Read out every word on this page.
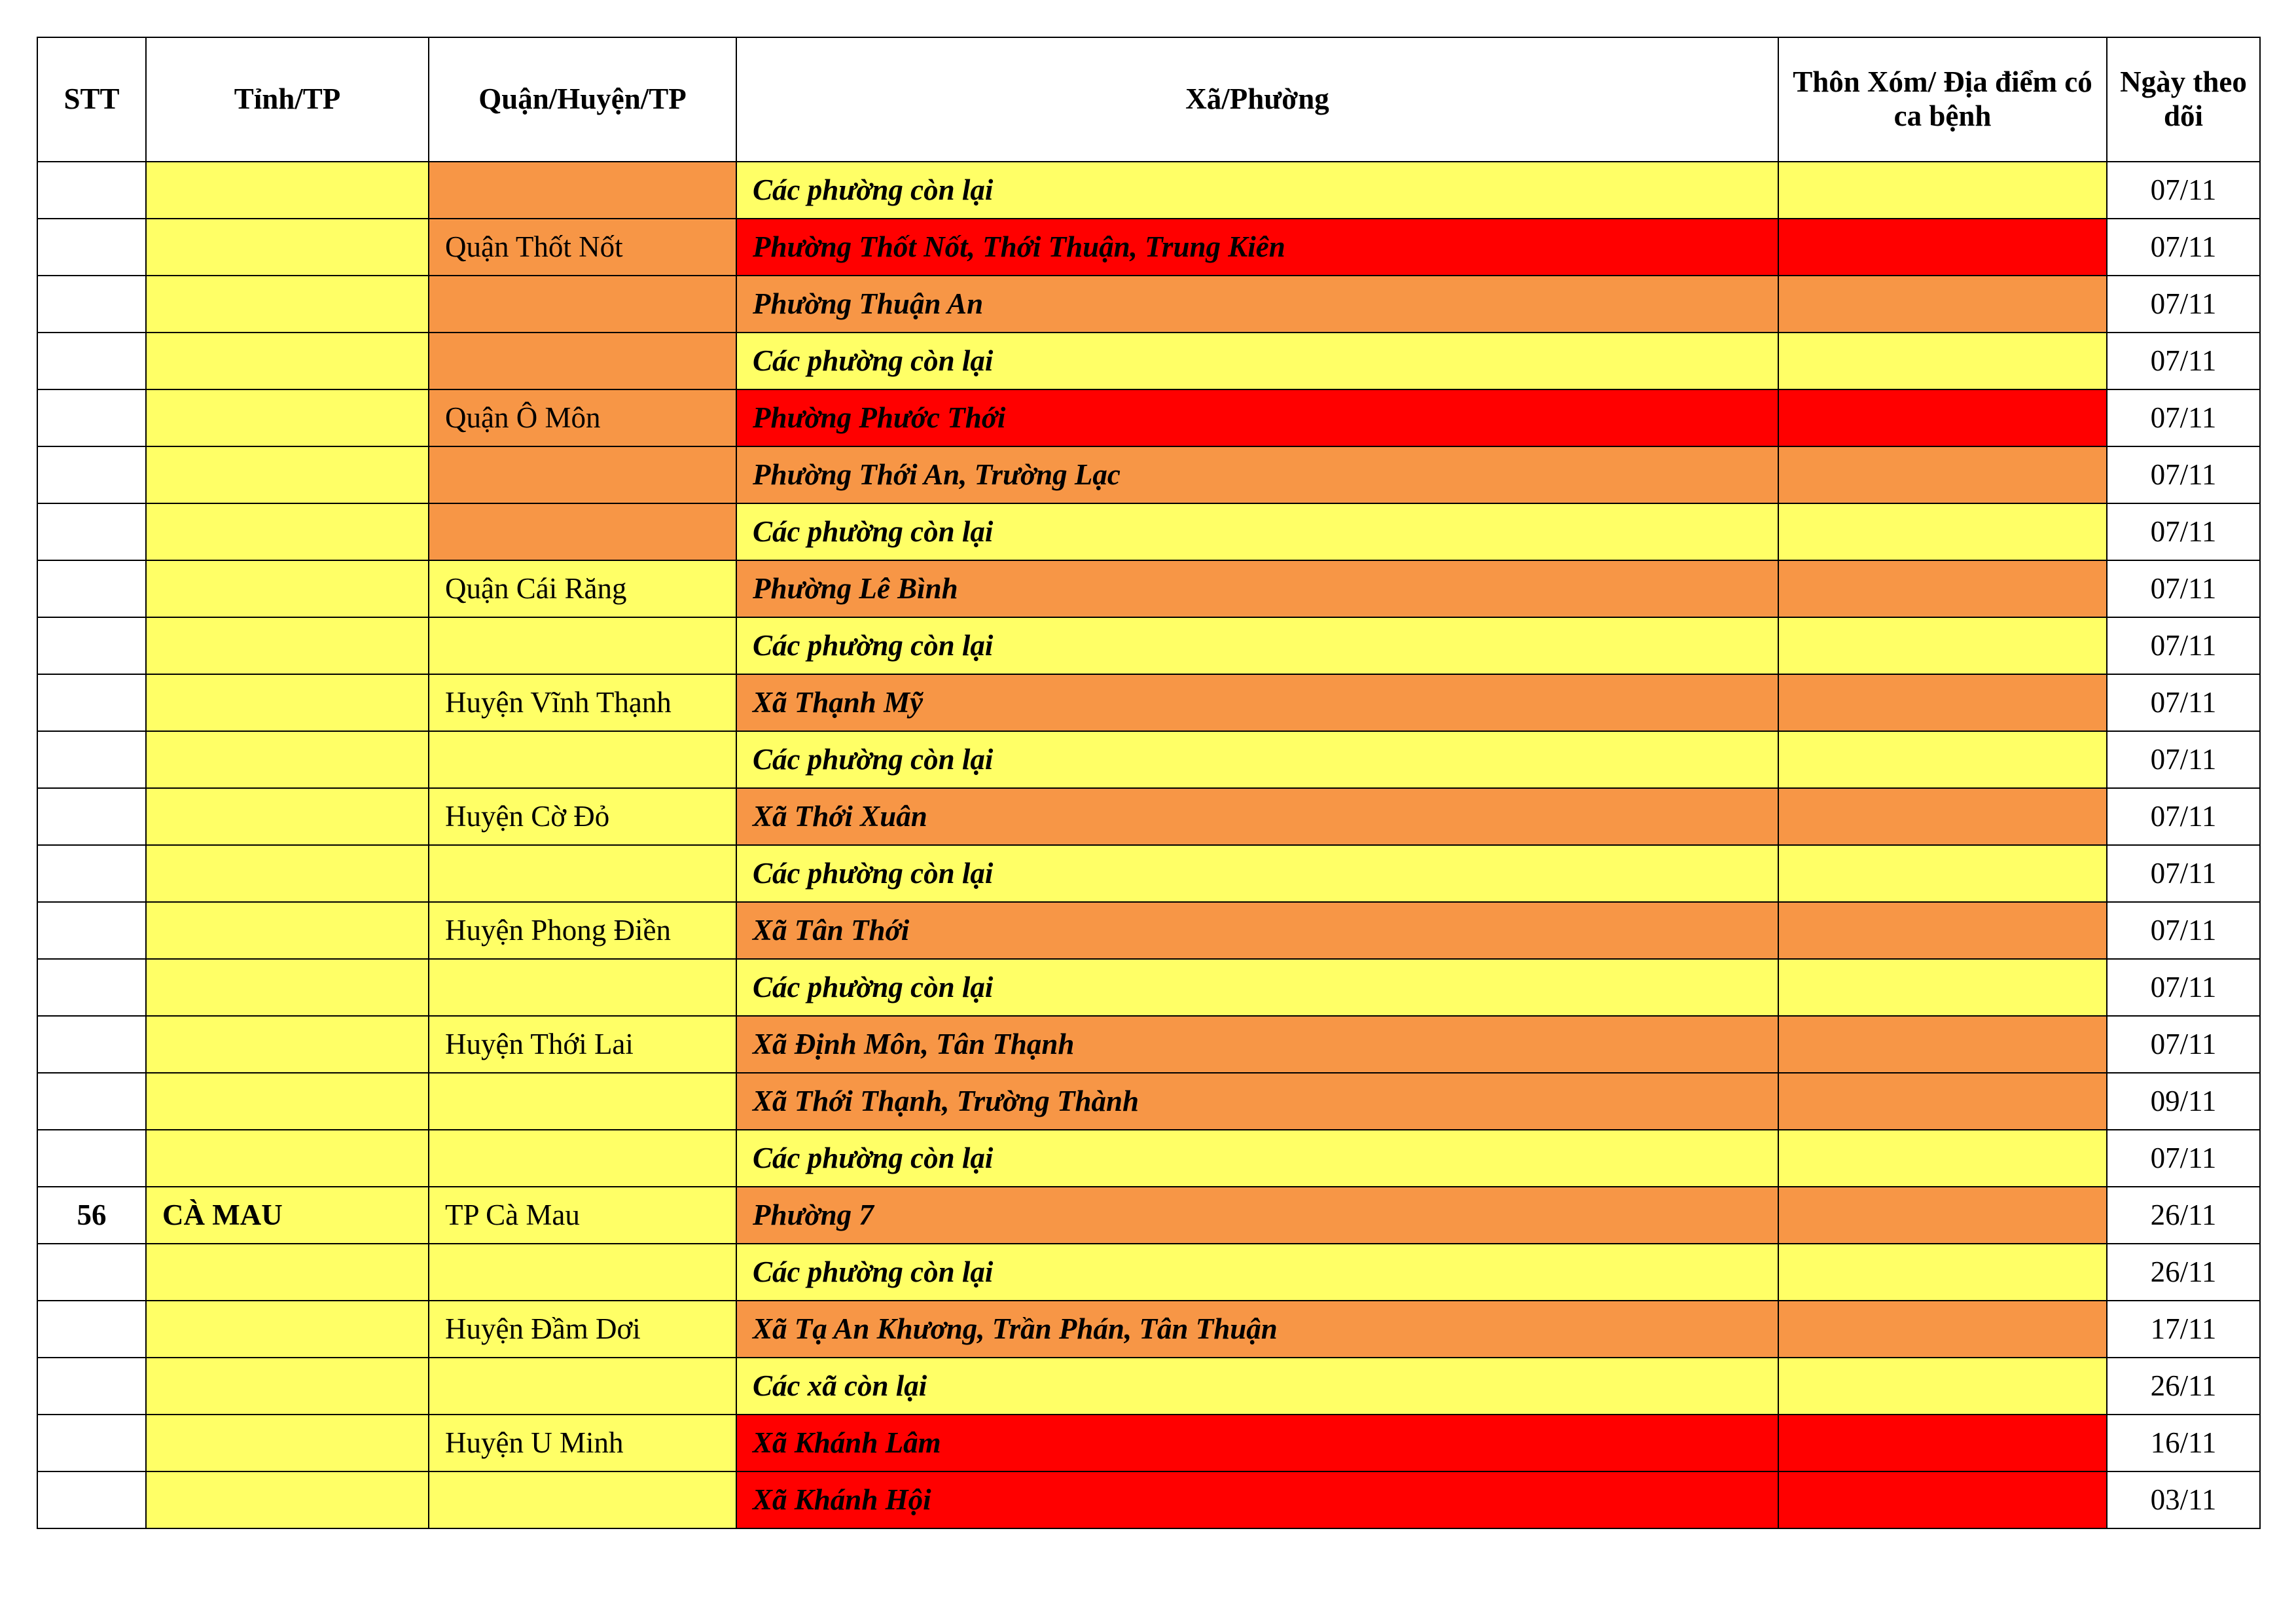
STT	Tỉnh/TP	Quận/Huyện/TP	Xã/Phường	Thôn Xóm/ Địa điểm có ca bệnh	Ngày theo dõi
			Các phường còn lại		07/11
		Quận Thốt Nốt	Phường Thốt Nốt, Thới Thuận, Trung Kiên		07/11
			Phường Thuận An		07/11
			Các phường còn lại		07/11
		Quận Ô Môn	Phường Phước Thới		07/11
			Phường Thới An, Trường Lạc		07/11
			Các phường còn lại		07/11
		Quận Cái Răng	Phường Lê Bình		07/11
			Các phường còn lại		07/11
		Huyện Vĩnh Thạnh	Xã Thạnh Mỹ		07/11
			Các phường còn lại		07/11
		Huyện Cờ Đỏ	Xã Thới Xuân		07/11
			Các phường còn lại		07/11
		Huyện Phong Điền	Xã Tân Thới		07/11
			Các phường còn lại		07/11
		Huyện Thới Lai	Xã Định Môn, Tân Thạnh		07/11
			Xã Thới Thạnh, Trường Thành		09/11
			Các phường còn lại		07/11
56	CÀ MAU	TP Cà Mau	Phường 7		26/11
			Các phường còn lại		26/11
		Huyện Đầm Dơi	Xã Tạ An Khương, Trần Phán, Tân Thuận		17/11
			Các xã còn lại		26/11
		Huyện U Minh	Xã Khánh Lâm		16/11
			Xã Khánh Hội		03/11
